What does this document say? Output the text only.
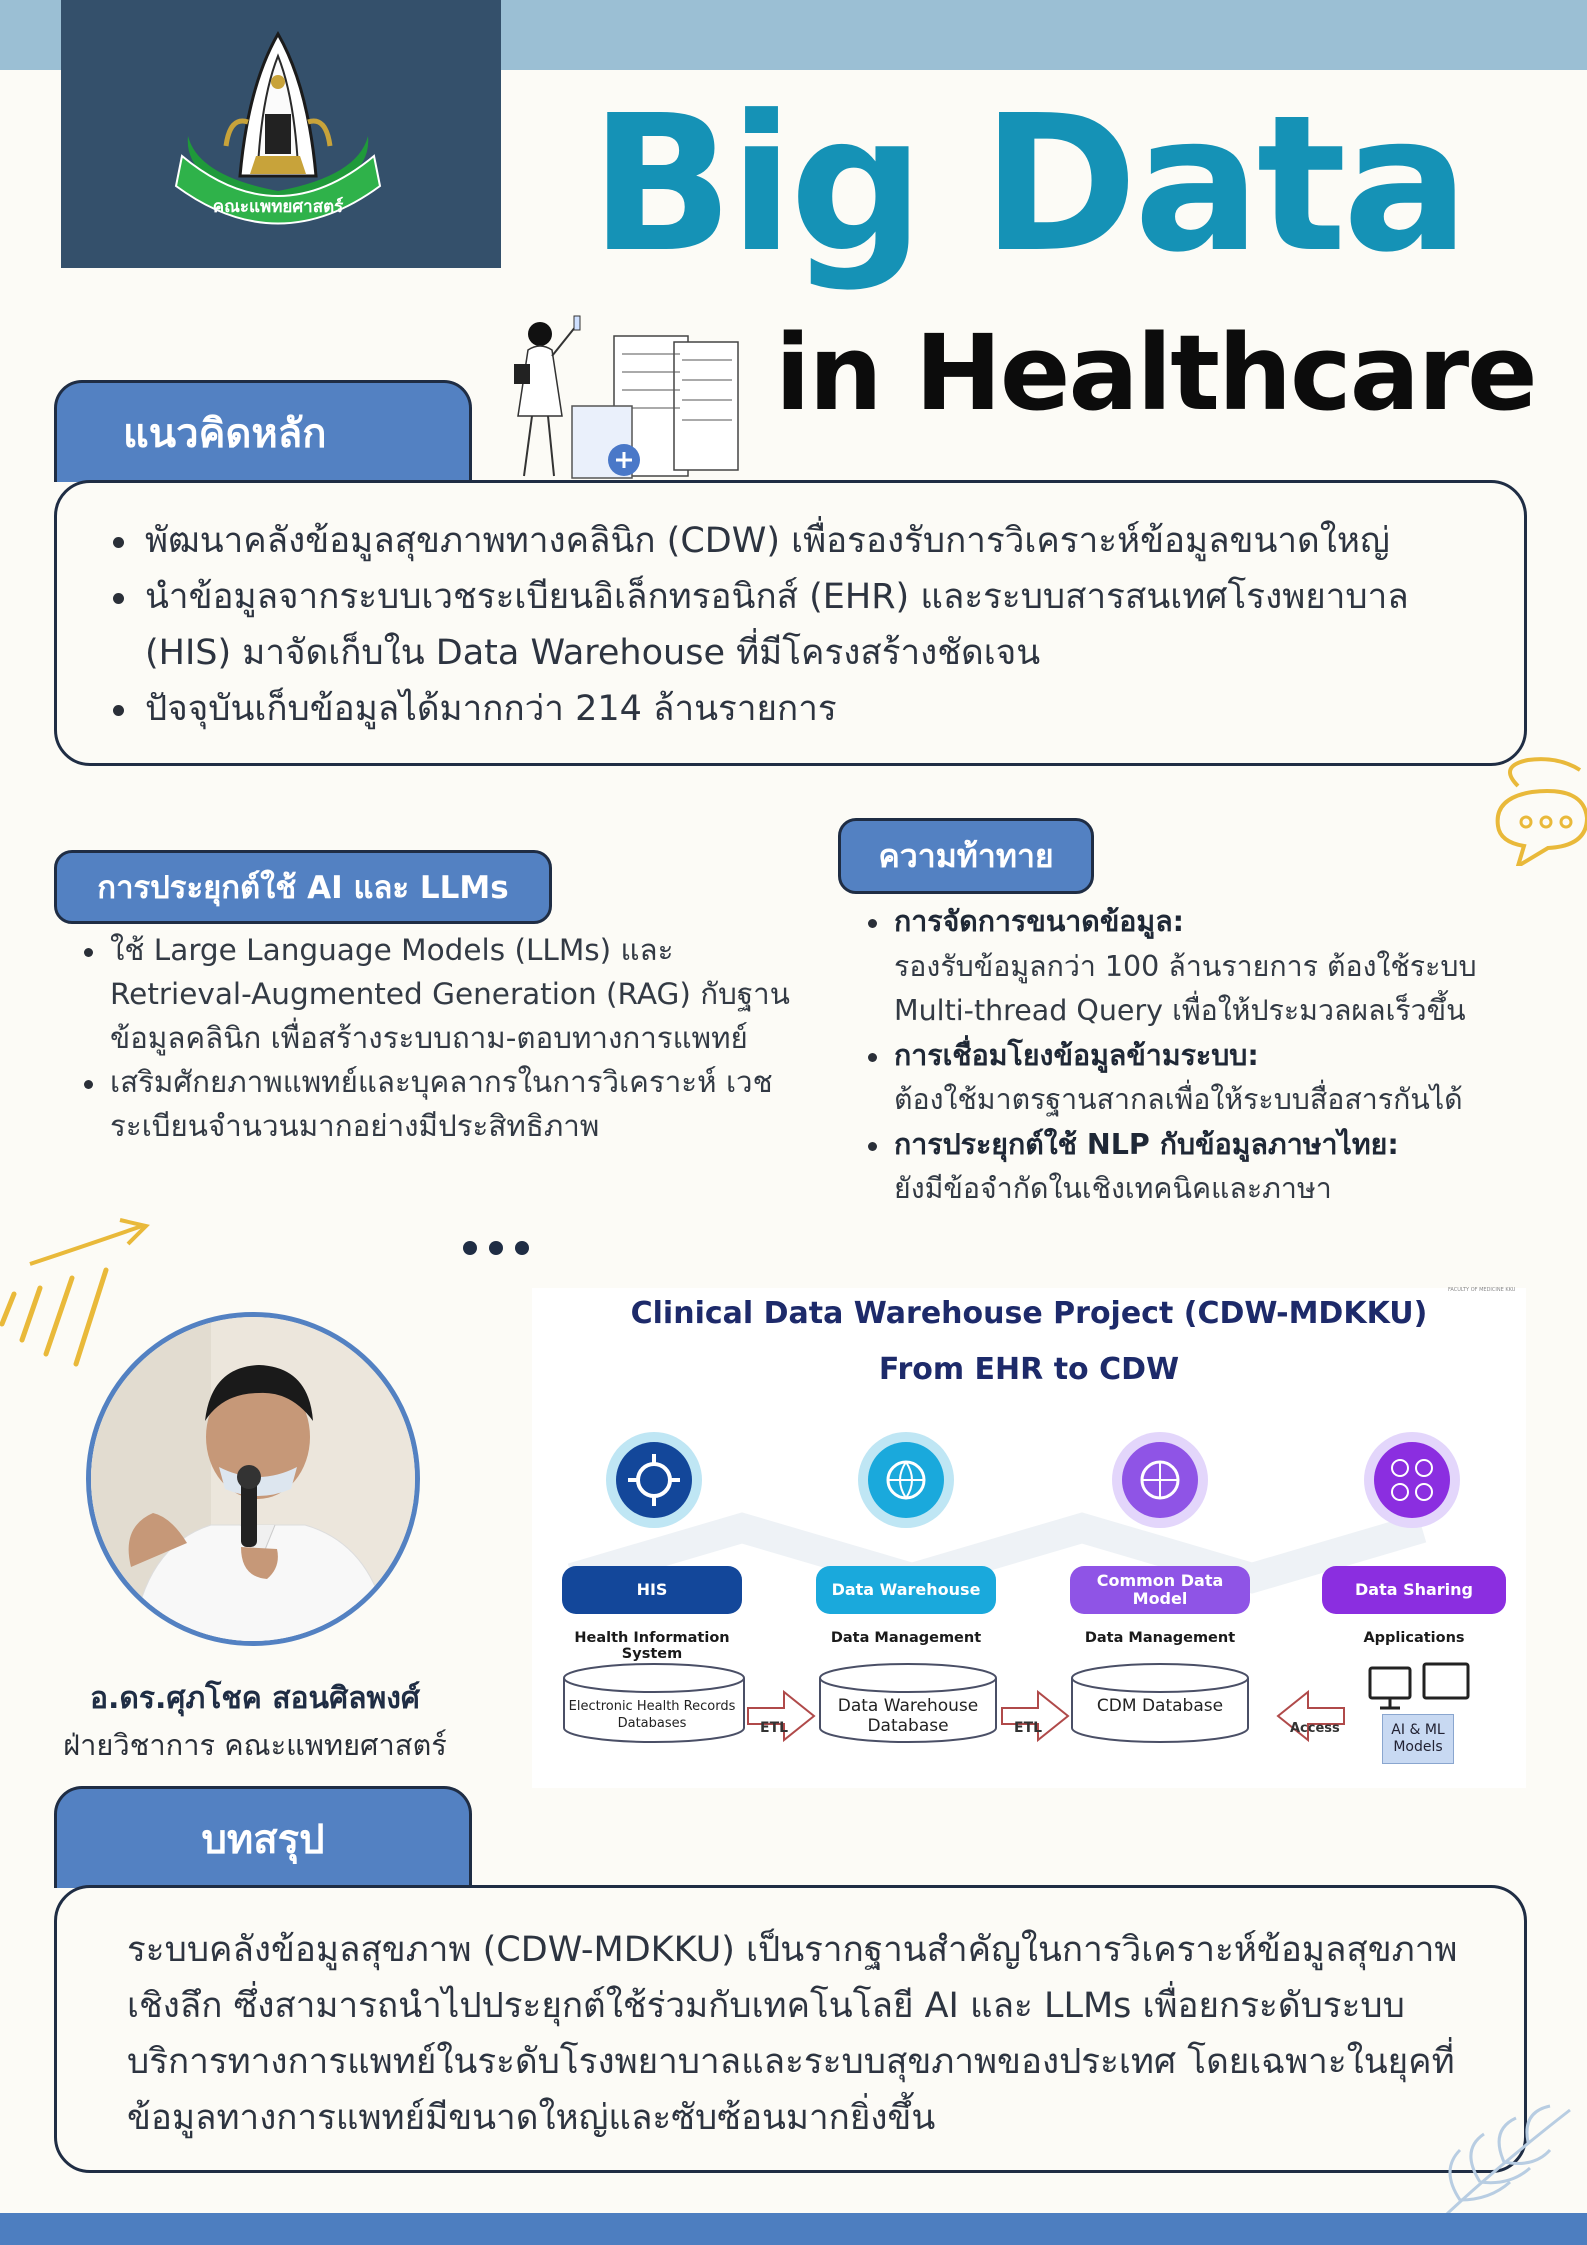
คณะแพทยศาสตร์ Big Data
in Healthcare
แนวคิดหลัก
พัฒนาคลังข้อมูลสุขภาพทางคลินิก (CDW) เพื่อรองรับการวิเคราะห์ข้อมูลขนาดใหญ่
นำข้อมูลจากระบบเวชระเบียนอิเล็กทรอนิกส์ (EHR) และระบบสารสนเทศโรงพยาบาล (HIS) มาจัดเก็บใน Data Warehouse ที่มีโครงสร้างชัดเจน
ปัจจุบันเก็บข้อมูลได้มากกว่า 214 ล้านรายการ
การประยุกต์ใช้ AI และ LLMs
ใช้ Large Language Models (LLMs) และ Retrieval-Augmented Generation (RAG) กับฐานข้อมูลคลินิก เพื่อสร้างระบบถาม-ตอบทางการแพทย์
เสริมศักยภาพแพทย์และบุคลากรในการวิเคราะห์ เวชระเบียนจำนวนมากอย่างมีประสิทธิภาพ
ความท้าทาย
การจัดการขนาดข้อมูล:
รองรับข้อมูลกว่า 100 ล้านรายการ ต้องใช้ระบบ Multi-thread Query เพื่อให้ประมวลผลเร็วขึ้น
การเชื่อมโยงข้อมูลข้ามระบบ:
ต้องใช้มาตรฐานสากลเพื่อให้ระบบสื่อสารกันได้
การประยุกต์ใช้ NLP กับข้อมูลภาษาไทย:
ยังมีข้อจำกัดในเชิงเทคนิคและภาษา
อ.ดร.ศุภโชค สอนศิลพงศ์
ฝ่ายวิชาการ คณะแพทยศาสตร์
FACULTY OF MEDICINE KKU
Clinical Data Warehouse Project (CDW-MDKKU)
From EHR to CDW
HIS	Data Warehouse	Common Data Model	Data Sharing
Health Information System
Data Management	Data Management	Applications
Electronic Health Records Databases
Data Warehouse Database
CDM Database
AI & ML Models
ETL	ETL	Access
บทสรุป

ระบบคลังข้อมูลสุขภาพ (CDW-MDKKU) เป็นรากฐานสำคัญในการวิเคราะห์ข้อมูลสุขภาพเชิงลึก ซึ่งสามารถนำไปประยุกต์ใช้ร่วมกับเทคโนโลยี AI และ LLMs เพื่อยกระดับระบบบริการทางการแพทย์ในระดับโรงพยาบาลและระบบสุขภาพของประเทศ โดยเฉพาะในยุคที่ข้อมูลทางการแพทย์มีขนาดใหญ่และซับซ้อนมากยิ่งขึ้น
